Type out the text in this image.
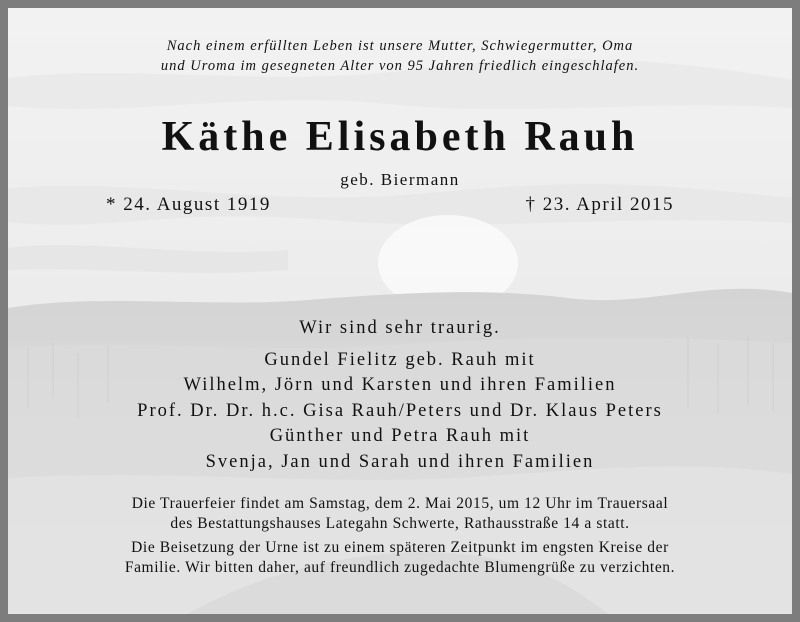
Nach einem erfüllten Leben ist unsere Mutter, Schwiegermutter, Oma
und Uroma im gesegneten Alter von 95 Jahren friedlich eingeschlafen.
Käthe Elisabeth Rauh
geb. Biermann
* 24. August 1919	† 23. April 2015
Wir sind sehr traurig.
Gundel Fielitz geb. Rauh mit
Wilhelm, Jörn und Karsten und ihren Familien
Prof. Dr. Dr. h.c. Gisa Rauh/Peters und Dr. Klaus Peters
Günther und Petra Rauh mit
Svenja, Jan und Sarah und ihren Familien
Die Trauerfeier findet am Samstag, dem 2. Mai 2015, um 12 Uhr im Trauersaal
des Bestattungshauses Lategahn Schwerte, Rathausstraße 14 a statt.
Die Beisetzung der Urne ist zu einem späteren Zeitpunkt im engsten Kreise der
Familie. Wir bitten daher, auf freundlich zugedachte Blumengrüße zu verzichten.
